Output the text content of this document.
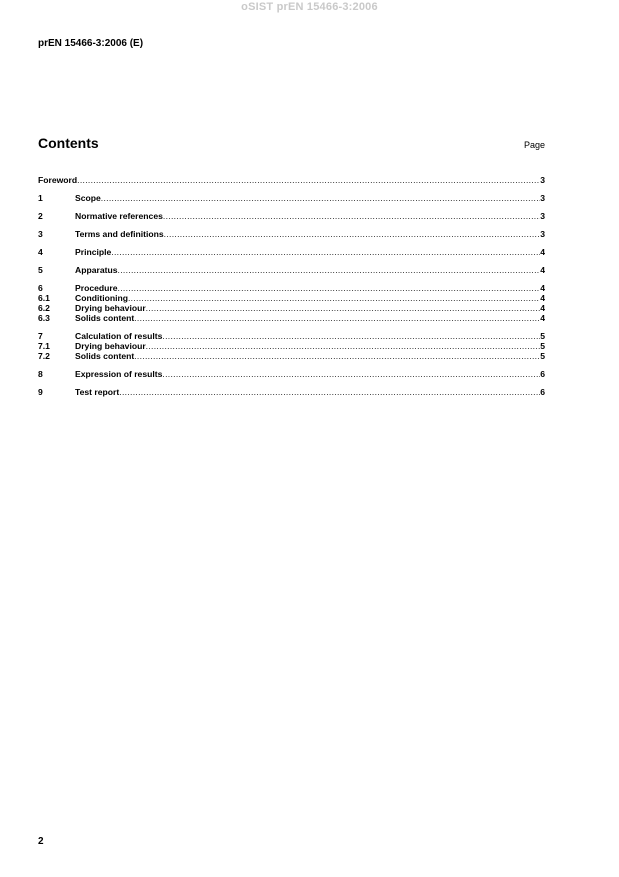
oSIST prEN 15466-3:2006
prEN 15466-3:2006 (E)
Contents	Page
Foreword .....	3
1	Scope .....	3
2	Normative references .....	3
3	Terms and definitions .....	3
4	Principle .....	4
5	Apparatus .....	4
6	Procedure .....	4
6.1	Conditioning .....	4
6.2	Drying behaviour .....	4
6.3	Solids content .....	4
7	Calculation of results .....	5
7.1	Drying behaviour .....	5
7.2	Solids content .....	5
8	Expression of results .....	6
9	Test report .....	6
2
